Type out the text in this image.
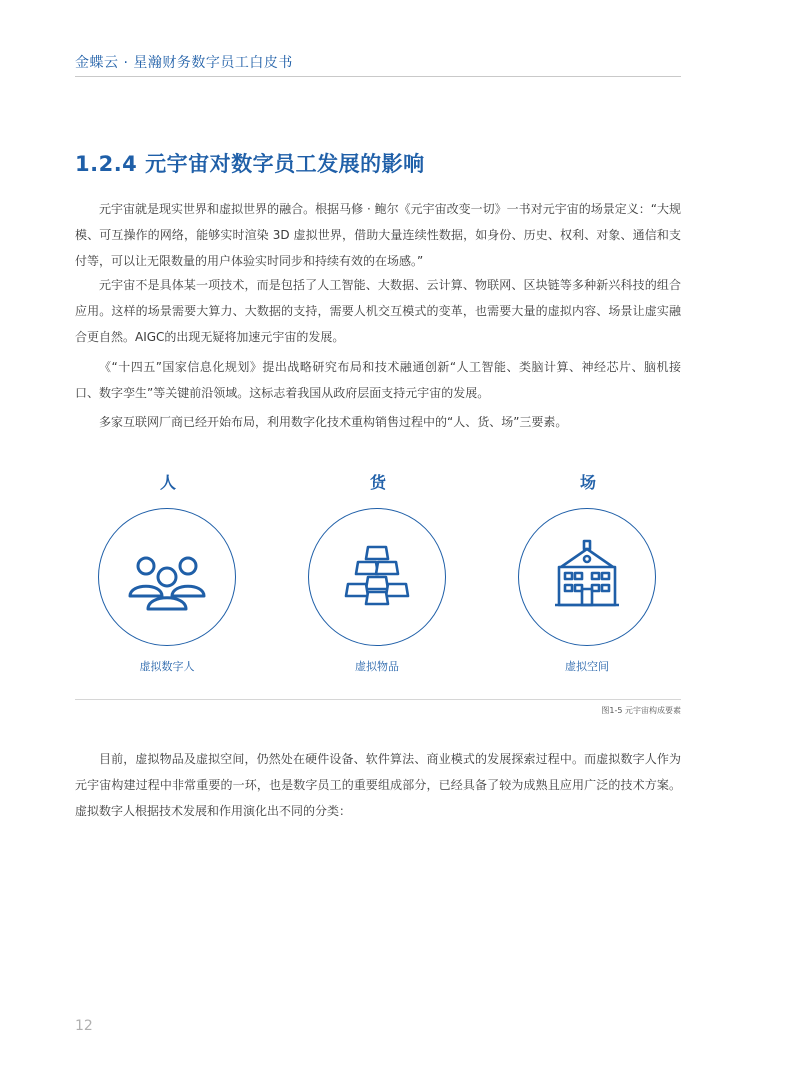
金蝶云 · 星瀚财务数字员工白皮书
1.2.4 元宇宙对数字员工发展的影响

元宇宙就是现实世界和虚拟世界的融合。根据马修 · 鲍尔《元宇宙改变一切》一书对元宇宙的场景定义：“大规模、可互操作的网络，能够实时渲染 3D 虚拟世界，借助大量连续性数据，如身份、历史、权利、对象、通信和支付等，可以让无限数量的用户体验实时同步和持续有效的在场感。”

元宇宙不是具体某一项技术，而是包括了人工智能、大数据、云计算、物联网、区块链等多种新兴科技的组合应用。这样的场景需要大算力、大数据的支持，需要人机交互模式的变革，也需要大量的虚拟内容、场景让虚实融合更自然。AIGC的出现无疑将加速元宇宙的发展。

《“十四五”国家信息化规划》提出战略研究布局和技术融通创新“人工智能、类脑计算、神经芯片、脑机接口、数字孪生”等关键前沿领域。这标志着我国从政府层面支持元宇宙的发展。

多家互联网厂商已经开始布局，利用数字化技术重构销售过程中的“人、货、场”三要素。

人
虚拟数字人
货
虚拟物品
场
虚拟空间
图1-5 元宇宙构成要素

目前，虚拟物品及虚拟空间，仍然处在硬件设备、软件算法、商业模式的发展探索过程中。而虚拟数字人作为元宇宙构建过程中非常重要的一环，也是数字员工的重要组成部分，已经具备了较为成熟且应用广泛的技术方案。虚拟数字人根据技术发展和作用演化出不同的分类：

12
